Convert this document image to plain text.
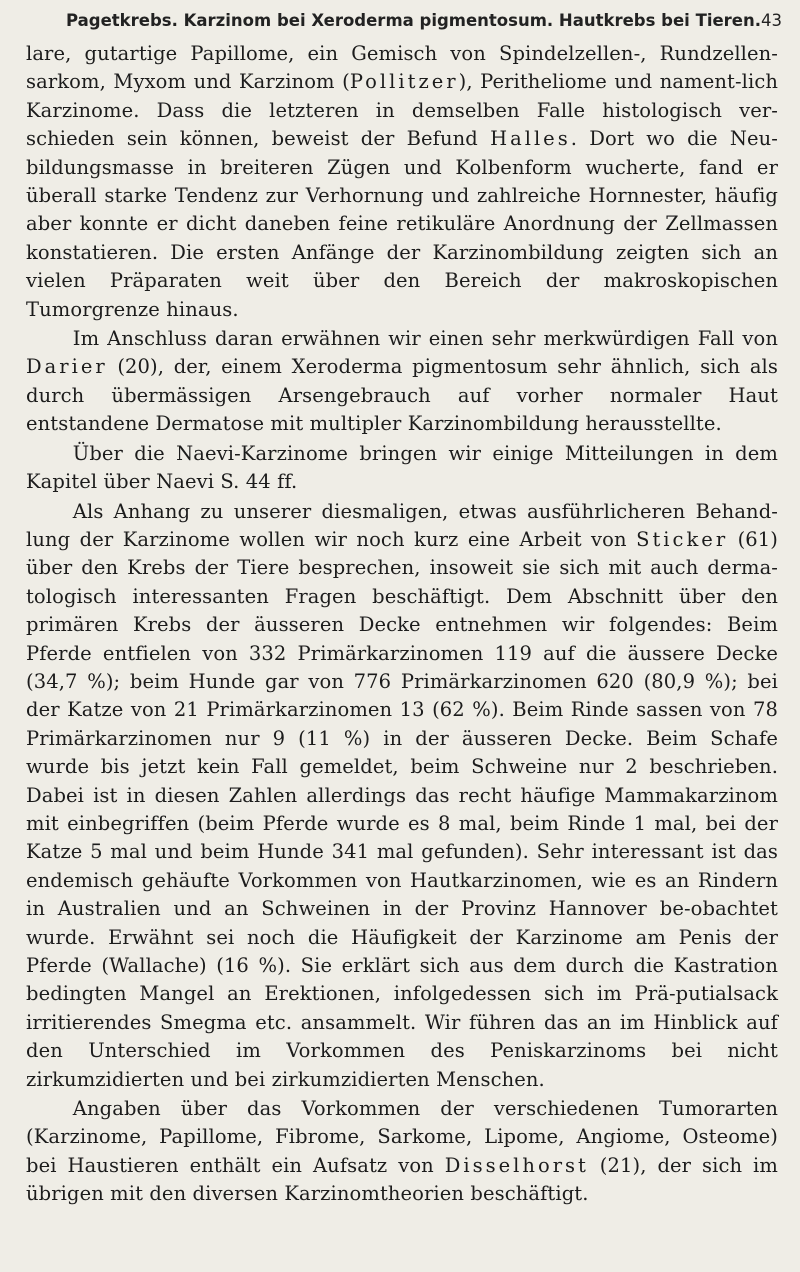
Pagetkrebs. Karzinom bei Xeroderma pigmentosum. Hautkrebs bei Tieren. 43

lare, gutartige Papillome, ein Gemisch von Spindelzellen-, Rundzellen-sarkom, Myxom und Karzinom (Pollitzer), Peritheliome und nament-lich Karzinome. Dass die letzteren in demselben Falle histologisch ver-schieden sein können, beweist der Befund Halles. Dort wo die Neu-bildungsmasse in breiteren Zügen und Kolbenform wucherte, fand er überall starke Tendenz zur Verhornung und zahlreiche Hornnester, häufig aber konnte er dicht daneben feine retikuläre Anordnung der Zellmassen konstatieren. Die ersten Anfänge der Karzinombildung zeigten sich an vielen Präparaten weit über den Bereich der makroskopischen Tumorgrenze hinaus.

Im Anschluss daran erwähnen wir einen sehr merkwürdigen Fall von Darier (20), der, einem Xeroderma pigmentosum sehr ähnlich, sich als durch übermässigen Arsengebrauch auf vorher normaler Haut entstandene Dermatose mit multipler Karzinombildung herausstellte.

Über die Naevi-Karzinome bringen wir einige Mitteilungen in dem Kapitel über Naevi S. 44 ff.

Als Anhang zu unserer diesmaligen, etwas ausführlicheren Behand-lung der Karzinome wollen wir noch kurz eine Arbeit von Sticker (61) über den Krebs der Tiere besprechen, insoweit sie sich mit auch derma-tologisch interessanten Fragen beschäftigt. Dem Abschnitt über den primären Krebs der äusseren Decke entnehmen wir folgendes: Beim Pferde entfielen von 332 Primärkarzinomen 119 auf die äussere Decke (34,7 %); beim Hunde gar von 776 Primärkarzinomen 620 (80,9 %); bei der Katze von 21 Primärkarzinomen 13 (62 %). Beim Rinde sassen von 78 Primärkarzinomen nur 9 (11 %) in der äusseren Decke. Beim Schafe wurde bis jetzt kein Fall gemeldet, beim Schweine nur 2 beschrieben. Dabei ist in diesen Zahlen allerdings das recht häufige Mammakarzinom mit einbegriffen (beim Pferde wurde es 8 mal, beim Rinde 1 mal, bei der Katze 5 mal und beim Hunde 341 mal gefunden). Sehr interessant ist das endemisch gehäufte Vorkommen von Hautkarzinomen, wie es an Rindern in Australien und an Schweinen in der Provinz Hannover be-obachtet wurde. Erwähnt sei noch die Häufigkeit der Karzinome am Penis der Pferde (Wallache) (16 %). Sie erklärt sich aus dem durch die Kastration bedingten Mangel an Erektionen, infolgedessen sich im Prä-putialsack irritierendes Smegma etc. ansammelt. Wir führen das an im Hinblick auf den Unterschied im Vorkommen des Peniskarzinoms bei nicht zirkumzidierten und bei zirkumzidierten Menschen.

Angaben über das Vorkommen der verschiedenen Tumorarten (Karzinome, Papillome, Fibrome, Sarkome, Lipome, Angiome, Osteome) bei Haustieren enthält ein Aufsatz von Disselhorst (21), der sich im übrigen mit den diversen Karzinomtheorien beschäftigt.
